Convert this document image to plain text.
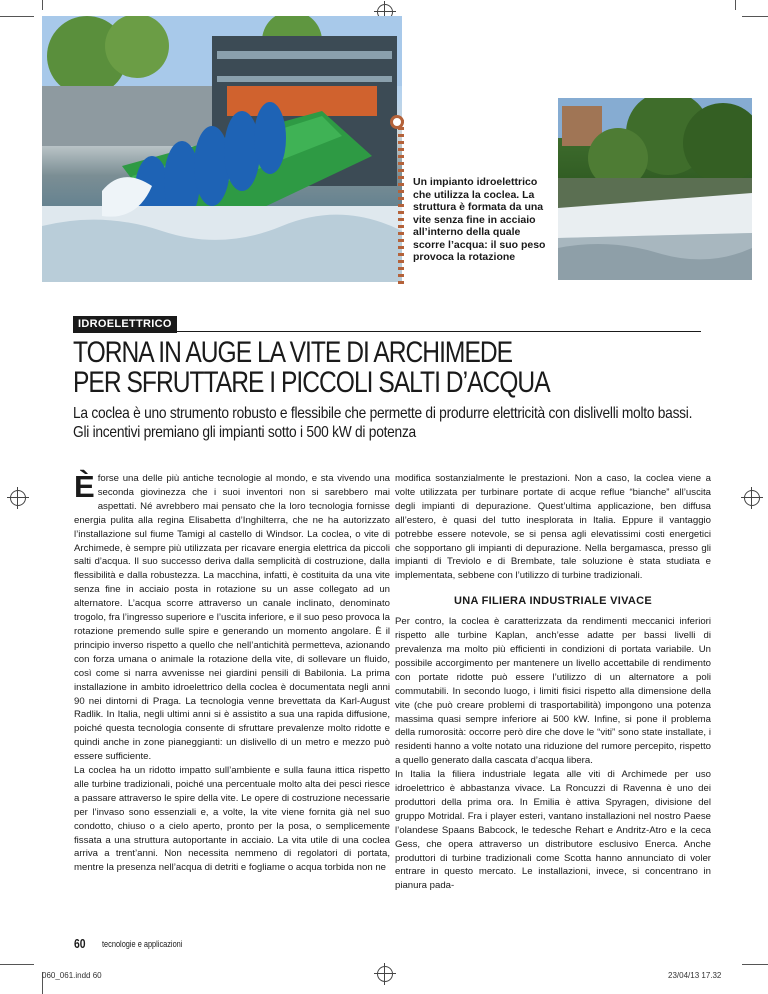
Un impianto idroelettrico che utilizza la coclea. La struttura è formata da una vite senza fine in acciaio all’interno della quale scorre l’acqua: il suo peso provoca la rotazione
IDROELETTRICO
TORNA IN AUGE LA VITE DI ARCHIMEDE
PER SFRUTTARE I PICCOLI SALTI D’ACQUA
La coclea è uno strumento robusto e flessibile che permette di produrre elettricità con dislivelli molto bassi. Gli incentivi premiano gli impianti sotto i 500 kW di potenza

Èforse una delle più antiche tecnologie al mondo, e sta vivendo una seconda giovinezza che i suoi inventori non si sarebbero mai aspettati. Né avrebbero mai pensato che la loro tecnologia fornisse energia pulita alla regina Elisabetta d’Inghilterra, che ne ha autorizzato l’installazione sul fiume Tamigi al castello di Windsor. La coclea, o vite di Archimede, è sempre più utilizzata per ricavare energia elettrica da piccoli salti d’acqua. Il suo successo deriva dalla semplicità di costruzione, dalla flessibilità e dalla robustezza. La macchina, infatti, è costituita da una vite senza fine in acciaio posta in rotazione su un asse collegato ad un alternatore. L’acqua scorre attraverso un canale inclinato, denominato trogolo, fra l’ingresso superiore e l’uscita inferiore, e il suo peso provoca la rotazione premendo sulle spire e generando un momento angolare. È il principio inverso rispetto a quello che nell’antichità permetteva, azionando con forza umana o animale la rotazione della vite, di sollevare un fluido, così come si narra avvenisse nei giardini pensili di Babilonia. La prima installazione in ambito idroelettrico della coclea è documentata negli anni 90 nei dintorni di Praga. La tecnologia venne brevettata da Karl-August Radlik. In Italia, negli ultimi anni si è assistito a sua una rapida diffusione, poiché questa tecnologia consente di sfruttare prevalenze molto ridotte e quindi anche in zone pianeggianti: un dislivello di un metro e mezzo può essere sufficiente.

La coclea ha un ridotto impatto sull’ambiente e sulla fauna ittica rispetto alle turbine tradizionali, poiché una percentuale molto alta dei pesci riesce a passare attraverso le spire della vite. Le opere di costruzione necessarie per l’invaso sono essenziali e, a volte, la vite viene fornita già nel suo condotto, chiuso o a cielo aperto, pronto per la posa, o semplicemente fissata a una struttura autoportante in acciaio. La vita utile di una coclea arriva a trent’anni. Non necessita nemmeno di regolatori di portata, mentre la presenza nell’acqua di detriti e fogliame o acqua torbida non ne

modifica sostanzialmente le prestazioni. Non a caso, la coclea viene a volte utilizzata per turbinare portate di acque reflue “bianche” all’uscita degli impianti di depurazione. Quest’ultima applicazione, ben diffusa all’estero, è quasi del tutto inesplorata in Italia. Eppure il vantaggio potrebbe essere notevole, se si pensa agli elevatissimi costi energetici che sopportano gli impianti di depurazione. Nella bergamasca, presso gli impianti di Treviolo e di Brembate, tale soluzione è stata studiata e implementata, sebbene con l’utilizzo di turbine tradizionali.

UNA FILIERA INDUSTRIALE VIVACE

Per contro, la coclea è caratterizzata da rendimenti meccanici inferiori rispetto alle turbine Kaplan, anch’esse adatte per bassi livelli di prevalenza ma molto più efficienti in condizioni di portata variabile. Un possibile accorgimento per mantenere un livello accettabile di rendimento con portate ridotte può essere l’utilizzo di un alternatore a poli commutabili. In secondo luogo, i limiti fisici rispetto alla dimensione della vite (che può creare problemi di trasportabilità) impongono una potenza massima quasi sempre inferiore ai 500 kW. Infine, si pone il problema della rumorosità: occorre però dire che dove le “viti” sono state installate, i residenti hanno a volte notato una riduzione del rumore percepito, rispetto a quello generato dalla cascata d’acqua libera.

In Italia la filiera industriale legata alle viti di Archimede per uso idroelettrico è abbastanza vivace. La Roncuzzi di Ravenna è uno dei produttori della prima ora. In Emilia è attiva Spyragen, divisione del gruppo Motridal. Fra i player esteri, vantano installazioni nel nostro Paese l’olandese Spaans Babcock, le tedesche Rehart e Andritz-Atro e la ceca Gess, che opera attraverso un distributore esclusivo Enerca. Anche produttori di turbine tradizionali come Scotta hanno annunciato di voler entrare in questo mercato. Le installazioni, invece, si concentrano in pianura pada-

60 tecnologie e applicazioni
060_061.indd 60	23/04/13 17.32
